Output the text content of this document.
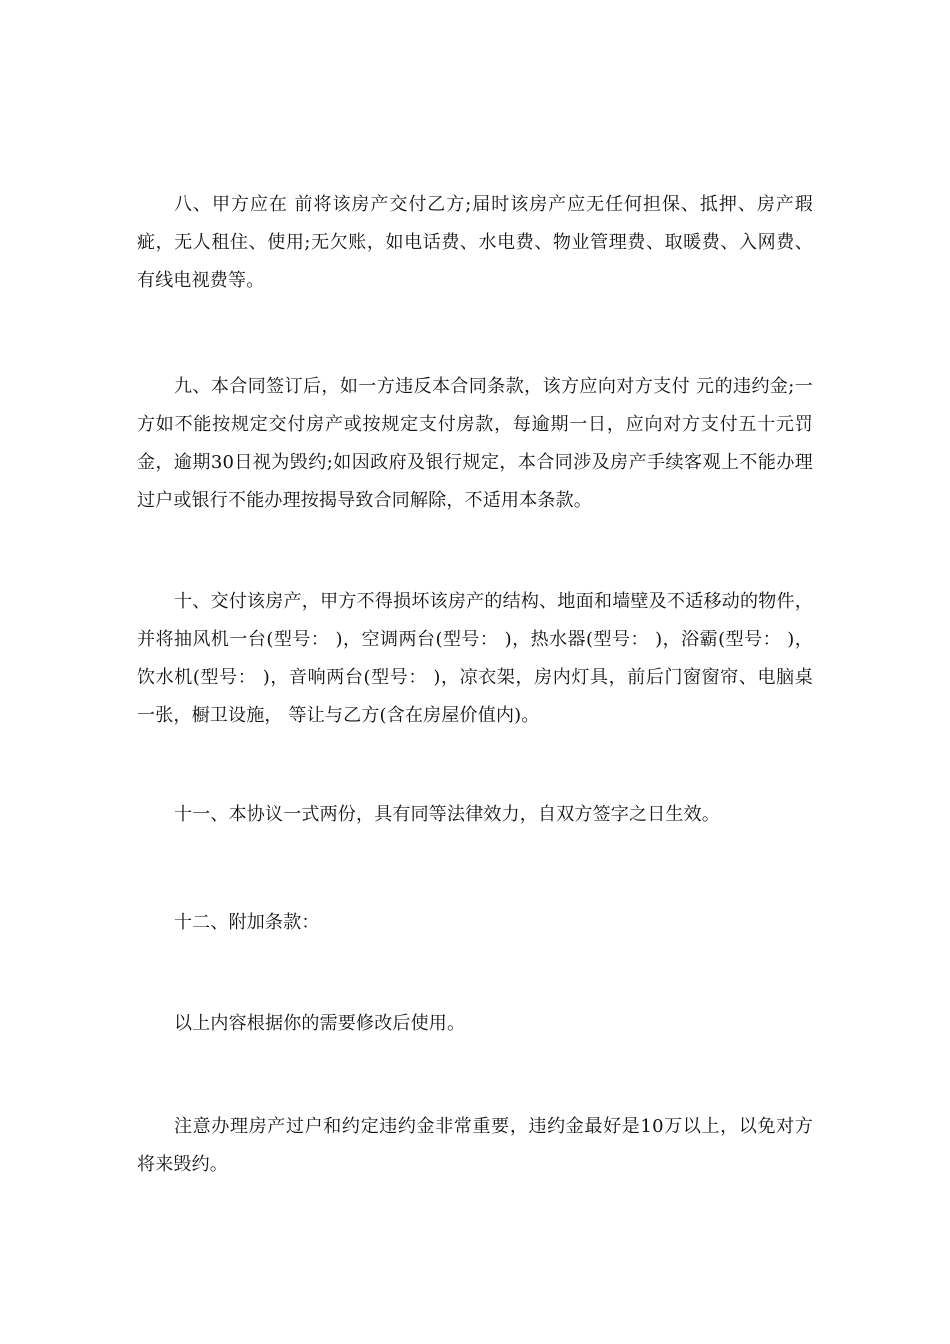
八、甲方应在 前将该房产交付乙方;届时该房产应无任何担保、抵押、房产瑕疵，无人租住、使用;无欠账，如电话费、水电费、物业管理费、取暖费、入网费、有线电视费等。

九、本合同签订后，如一方违反本合同条款，该方应向对方支付 元的违约金;一方如不能按规定交付房产或按规定支付房款，每逾期一日，应向对方支付五十元罚金，逾期30日视为毁约;如因政府及银行规定，本合同涉及房产手续客观上不能办理过户或银行不能办理按揭导致合同解除，不适用本条款。

十、交付该房产，甲方不得损坏该房产的结构、地面和墙壁及不适移动的物件，并将抽风机一台(型号： )，空调两台(型号： )，热水器(型号： )，浴霸(型号： )，饮水机(型号： )，音响两台(型号： )，凉衣架，房内灯具，前后门窗窗帘、电脑桌一张，橱卫设施， 等让与乙方(含在房屋价值内)。

十一、本协议一式两份，具有同等法律效力，自双方签字之日生效。

十二、附加条款：

以上内容根据你的需要修改后使用。

注意办理房产过户和约定违约金非常重要，违约金最好是10万以上，以免对方将来毁约。
